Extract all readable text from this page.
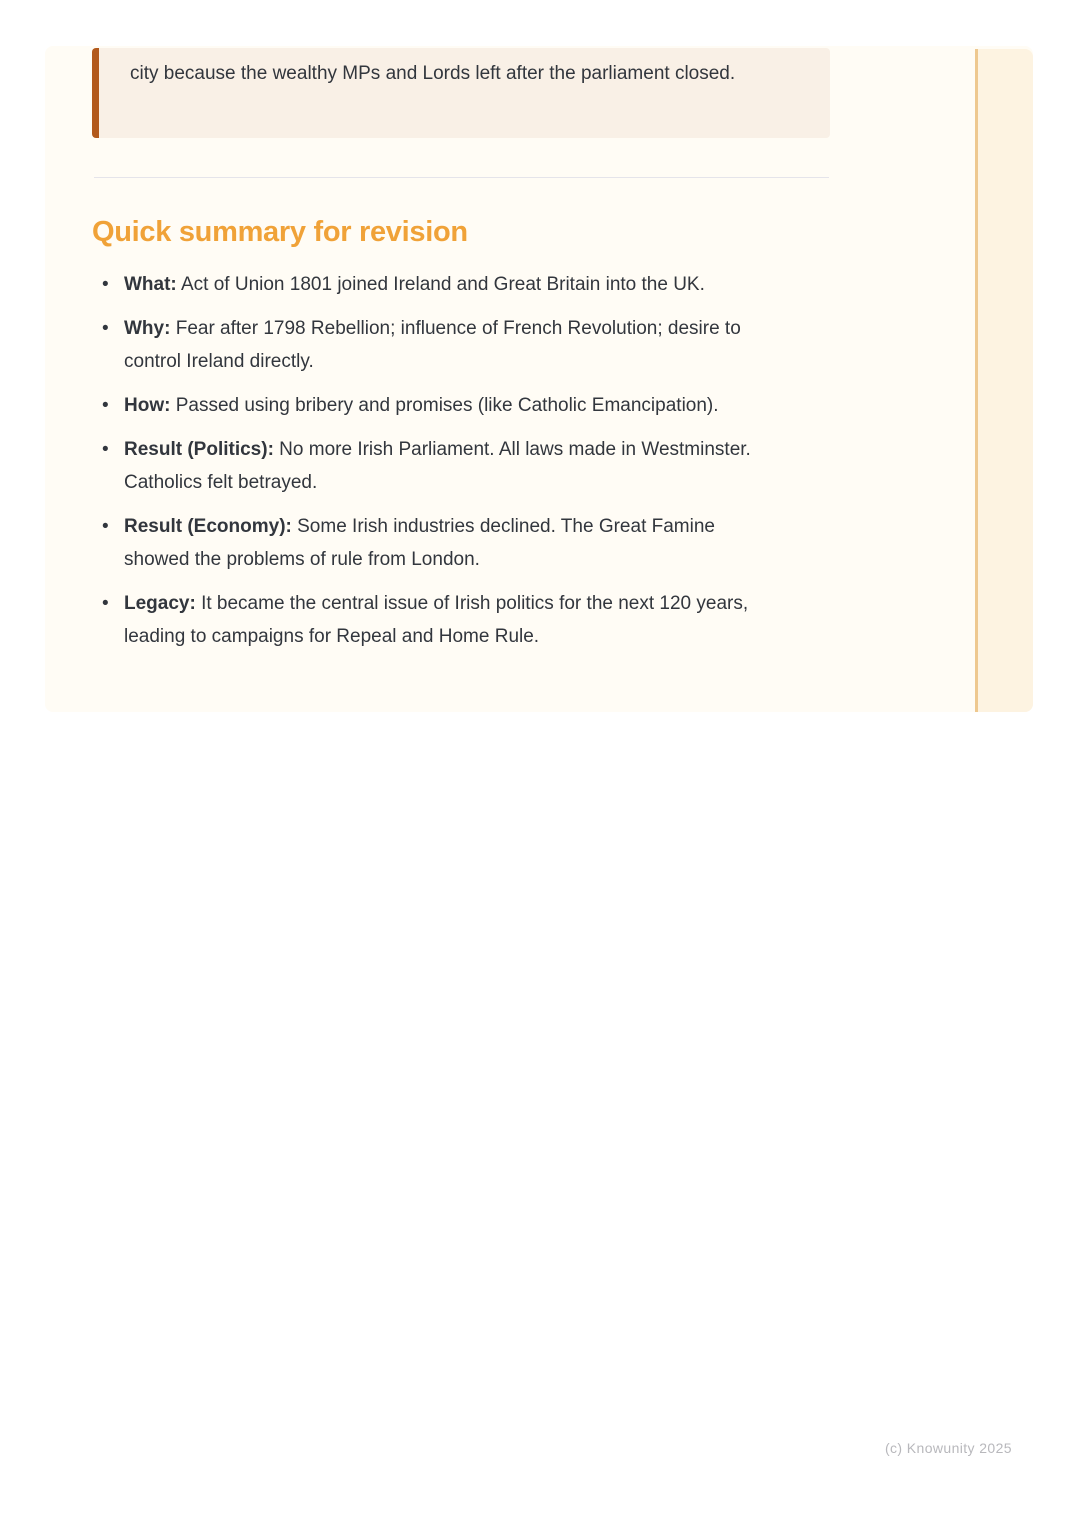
city because the wealthy MPs and Lords left after the parliament closed.
Quick summary for revision
• What: Act of Union 1801 joined Ireland and Great Britain into the UK.
• Why: Fear after 1798 Rebellion; influence of French Revolution; desire to control Ireland directly.
• How: Passed using bribery and promises (like Catholic Emancipation).
• Result (Politics): No more Irish Parliament. All laws made in Westminster. Catholics felt betrayed.
• Result (Economy): Some Irish industries declined. The Great Famine showed the problems of rule from London.
• Legacy: It became the central issue of Irish politics for the next 120 years, leading to campaigns for Repeal and Home Rule.
(c) Knowunity 2025
